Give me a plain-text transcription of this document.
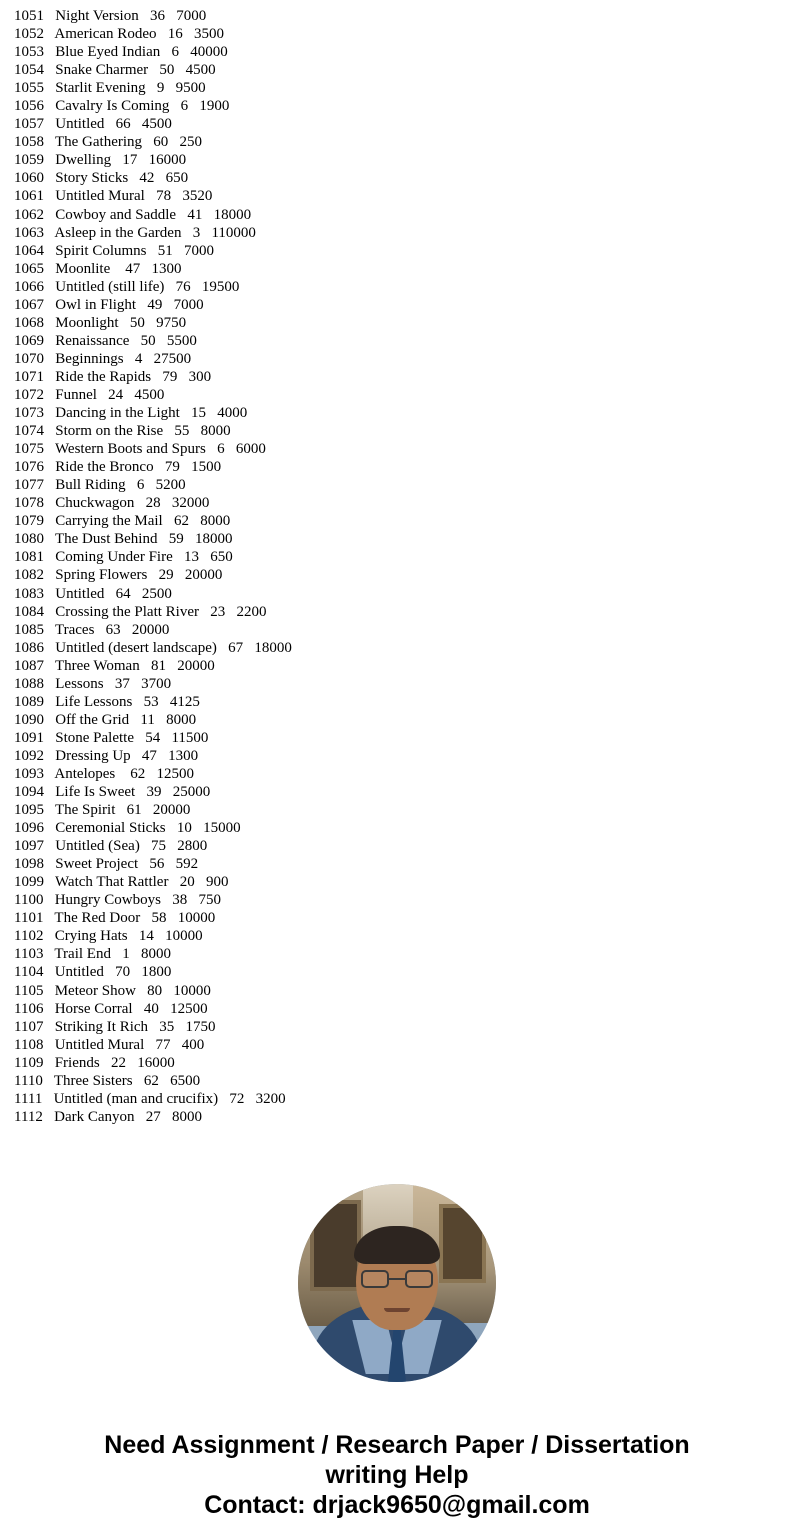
1051   Night Version   36   7000
1052   American Rodeo   16   3500
1053   Blue Eyed Indian   6   40000
1054   Snake Charmer   50   4500
1055   Starlit Evening   9   9500
1056   Cavalry Is Coming   6   1900
1057   Untitled   66   4500
1058   The Gathering   60   250
1059   Dwelling   17   16000
1060   Story Sticks   42   650
1061   Untitled Mural   78   3520
1062   Cowboy and Saddle   41   18000
1063   Asleep in the Garden   3   110000
1064   Spirit Columns   51   7000
1065   Moonlite    47   1300
1066   Untitled (still life)   76   19500
1067   Owl in Flight   49   7000
1068   Moonlight   50   9750
1069   Renaissance   50   5500
1070   Beginnings   4   27500
1071   Ride the Rapids   79   300
1072   Funnel   24   4500
1073   Dancing in the Light   15   4000
1074   Storm on the Rise   55   8000
1075   Western Boots and Spurs   6   6000
1076   Ride the Bronco   79   1500
1077   Bull Riding   6   5200
1078   Chuckwagon   28   32000
1079   Carrying the Mail   62   8000
1080   The Dust Behind   59   18000
1081   Coming Under Fire   13   650
1082   Spring Flowers   29   20000
1083   Untitled   64   2500
1084   Crossing the Platt River   23   2200
1085   Traces   63   20000
1086   Untitled (desert landscape)   67   18000
1087   Three Woman   81   20000
1088   Lessons   37   3700
1089   Life Lessons   53   4125
1090   Off the Grid   11   8000
1091   Stone Palette   54   11500
1092   Dressing Up   47   1300
1093   Antelopes    62   12500
1094   Life Is Sweet   39   25000
1095   The Spirit   61   20000
1096   Ceremonial Sticks   10   15000
1097   Untitled (Sea)   75   2800
1098   Sweet Project   56   592
1099   Watch That Rattler   20   900
1100   Hungry Cowboys   38   750
1101   The Red Door   58   10000
1102   Crying Hats   14   10000
1103   Trail End   1   8000
1104   Untitled   70   1800
1105   Meteor Show   80   10000
1106   Horse Corral   40   12500
1107   Striking It Rich   35   1750
1108   Untitled Mural   77   400
1109   Friends   22   16000
1110   Three Sisters   62   6500
1111   Untitled (man and crucifix)   72   3200
1112   Dark Canyon   27   8000
Need Assignment / Research Paper / Dissertation
writing Help
Contact: drjack9650@gmail.com
